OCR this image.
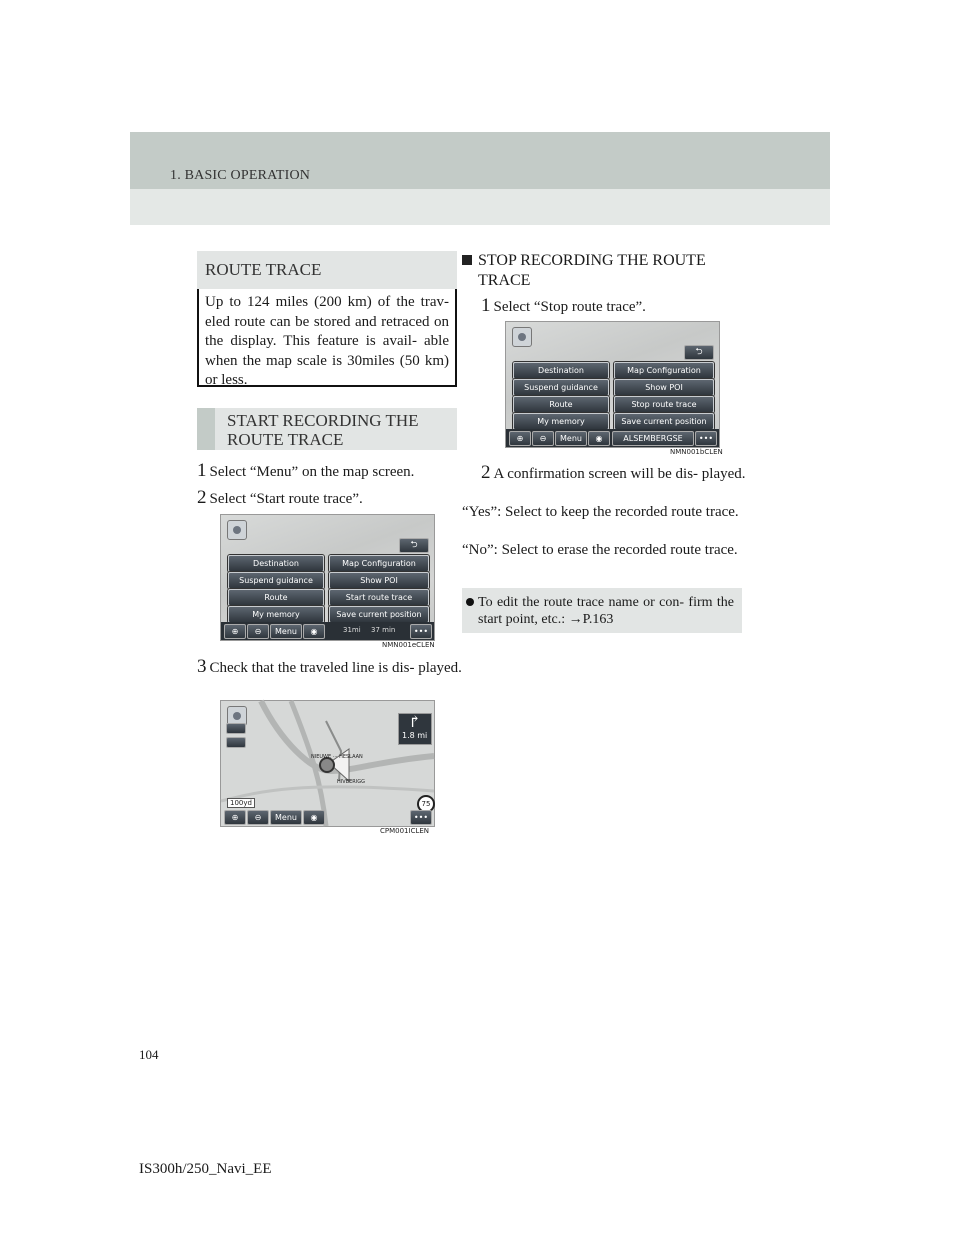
1. BASIC OPERATION
ROUTE TRACE

Up to 124 miles (200 km) of the trav- eled route can be stored and retraced on the display. This feature is avail- able when the map scale is 30miles (50 km) or less.

START RECORDING THE
ROUTE TRACE
1 Select “Menu” on the map screen.
2 Select “Start route trace”.
⮌
Destination
Suspend guidance
Route
My memory
Map Configuration
Show POI
Start route trace
Save current position
⊕	⊖	Menu	◉	31mi 37 min	•••
NMN001eCLEN
3 Check that the traveled line is dis- played.
100yd
↱
1.8 mi
NIEUWE ··· HESLAAN
HIVBERIGG
75
⊕	⊖	Menu	◉	•••
CPM001ICLEN
STOP RECORDING THE ROUTE
TRACE
1 Select “Stop route trace”.
⮌
Destination
Suspend guidance
Route
My memory
Map Configuration
Show POI
Stop route trace
Save current position
⊕	⊖	Menu	◉	ALSEMBERGSE STEEN
•••
NMN001bCLEN
2 A confirmation screen will be dis- played.
“Yes”: Select to keep the recorded route trace.
“No”: Select to erase the recorded route trace.
To edit the route trace name or con- firm the start point, etc.: →P.163
104
IS300h/250_Navi_EE
